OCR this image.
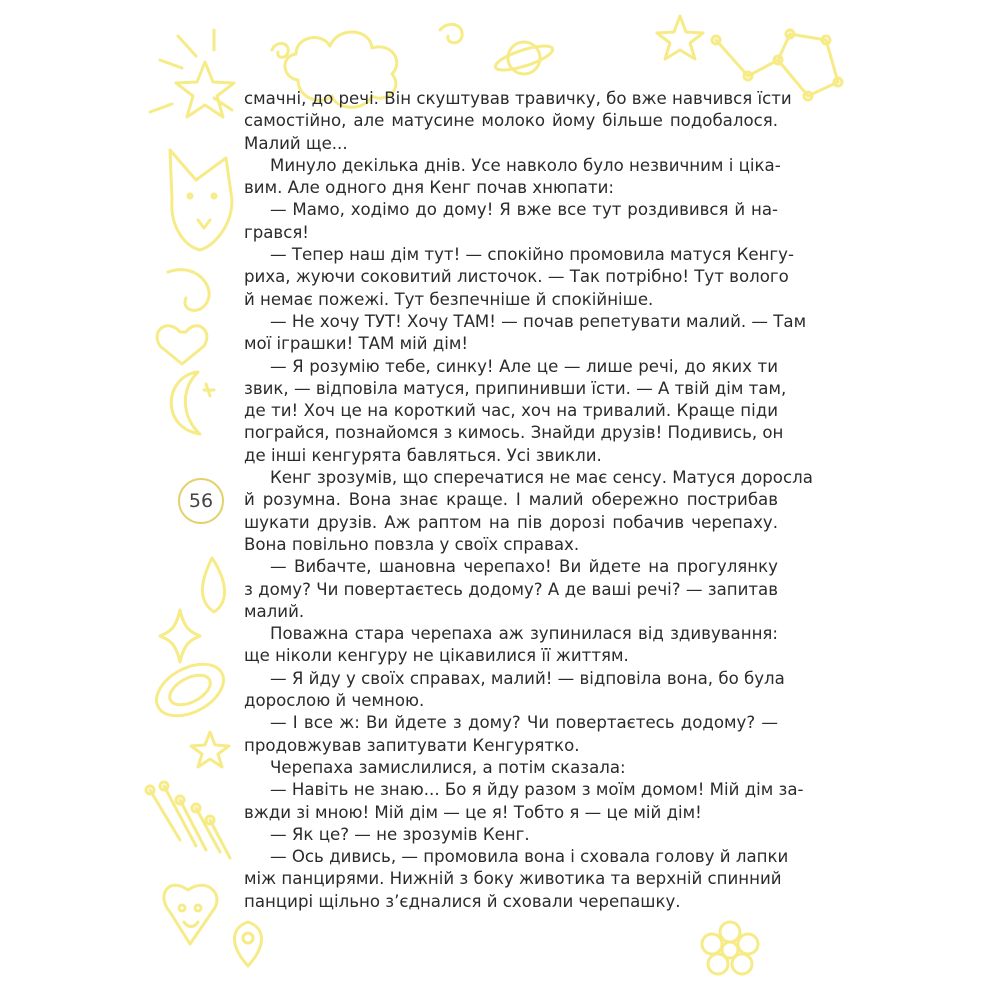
56

смачні, до речі. Він скуштував травичку, бо вже навчився їсти

самостійно, але матусине молоко йому більше подобалося.

Малий ще...

Минуло декілька днів. Усе навколо було незвичним і ціка-

вим. Але одного дня Кенг почав хнюпати:

— Мамо, ходімо до дому! Я вже все тут роздивився й на-

грався!

— Тепер наш дім тут! — спокійно промовила матуся Кенгу-

риха, жуючи соковитий листочок. — Так потрібно! Тут волого

й немає пожежі. Тут безпечніше й спокійніше.

— Не хочу ТУТ! Хочу ТАМ! — почав репетувати малий. — Там

мої іграшки! ТАМ мій дім!

— Я розумію тебе, синку! Але це — лише речі, до яких ти

звик, — відповіла матуся, припинивши їсти. — А твій дім там,

де ти! Хоч це на короткий час, хоч на тривалий. Краще піди

пограйся, познайомся з кимось. Знайди друзів! Подивись, он

де інші кенгурята бавляться. Усі звикли.

Кенг зрозумів, що сперечатися не має сенсу. Матуся доросла

й розумна. Вона знає краще. І малий обережно пострибав

шукати друзів. Аж раптом на пів дорозі побачив черепаху.

Вона повільно повзла у своїх справах.

— Вибачте, шановна черепахо! Ви йдете на прогулянку

з дому? Чи повертаєтесь додому? А де ваші речі? — запитав

малий.

Поважна стара черепаха аж зупинилася від здивування:

ще ніколи кенгуру не цікавилися її життям.

— Я йду у своїх справах, малий! — відповіла вона, бо була

дорослою й чемною.

— І все ж: Ви йдете з дому? Чи повертаєтесь додому? —

продовжував запитувати Кенгурятко.

Черепаха замислилися, а потім сказала:

— Навіть не знаю... Бо я йду разом з моїм домом! Мій дім за-

вжди зі мною! Мій дім — це я! Тобто я — це мій дім!

— Як це? — не зрозумів Кенг.

— Ось дивись, — промовила вона і сховала голову й лапки

між панцирями. Нижній з боку животика та верхній спинний

панцирі щільно з’єдналися й сховали черепашку.
